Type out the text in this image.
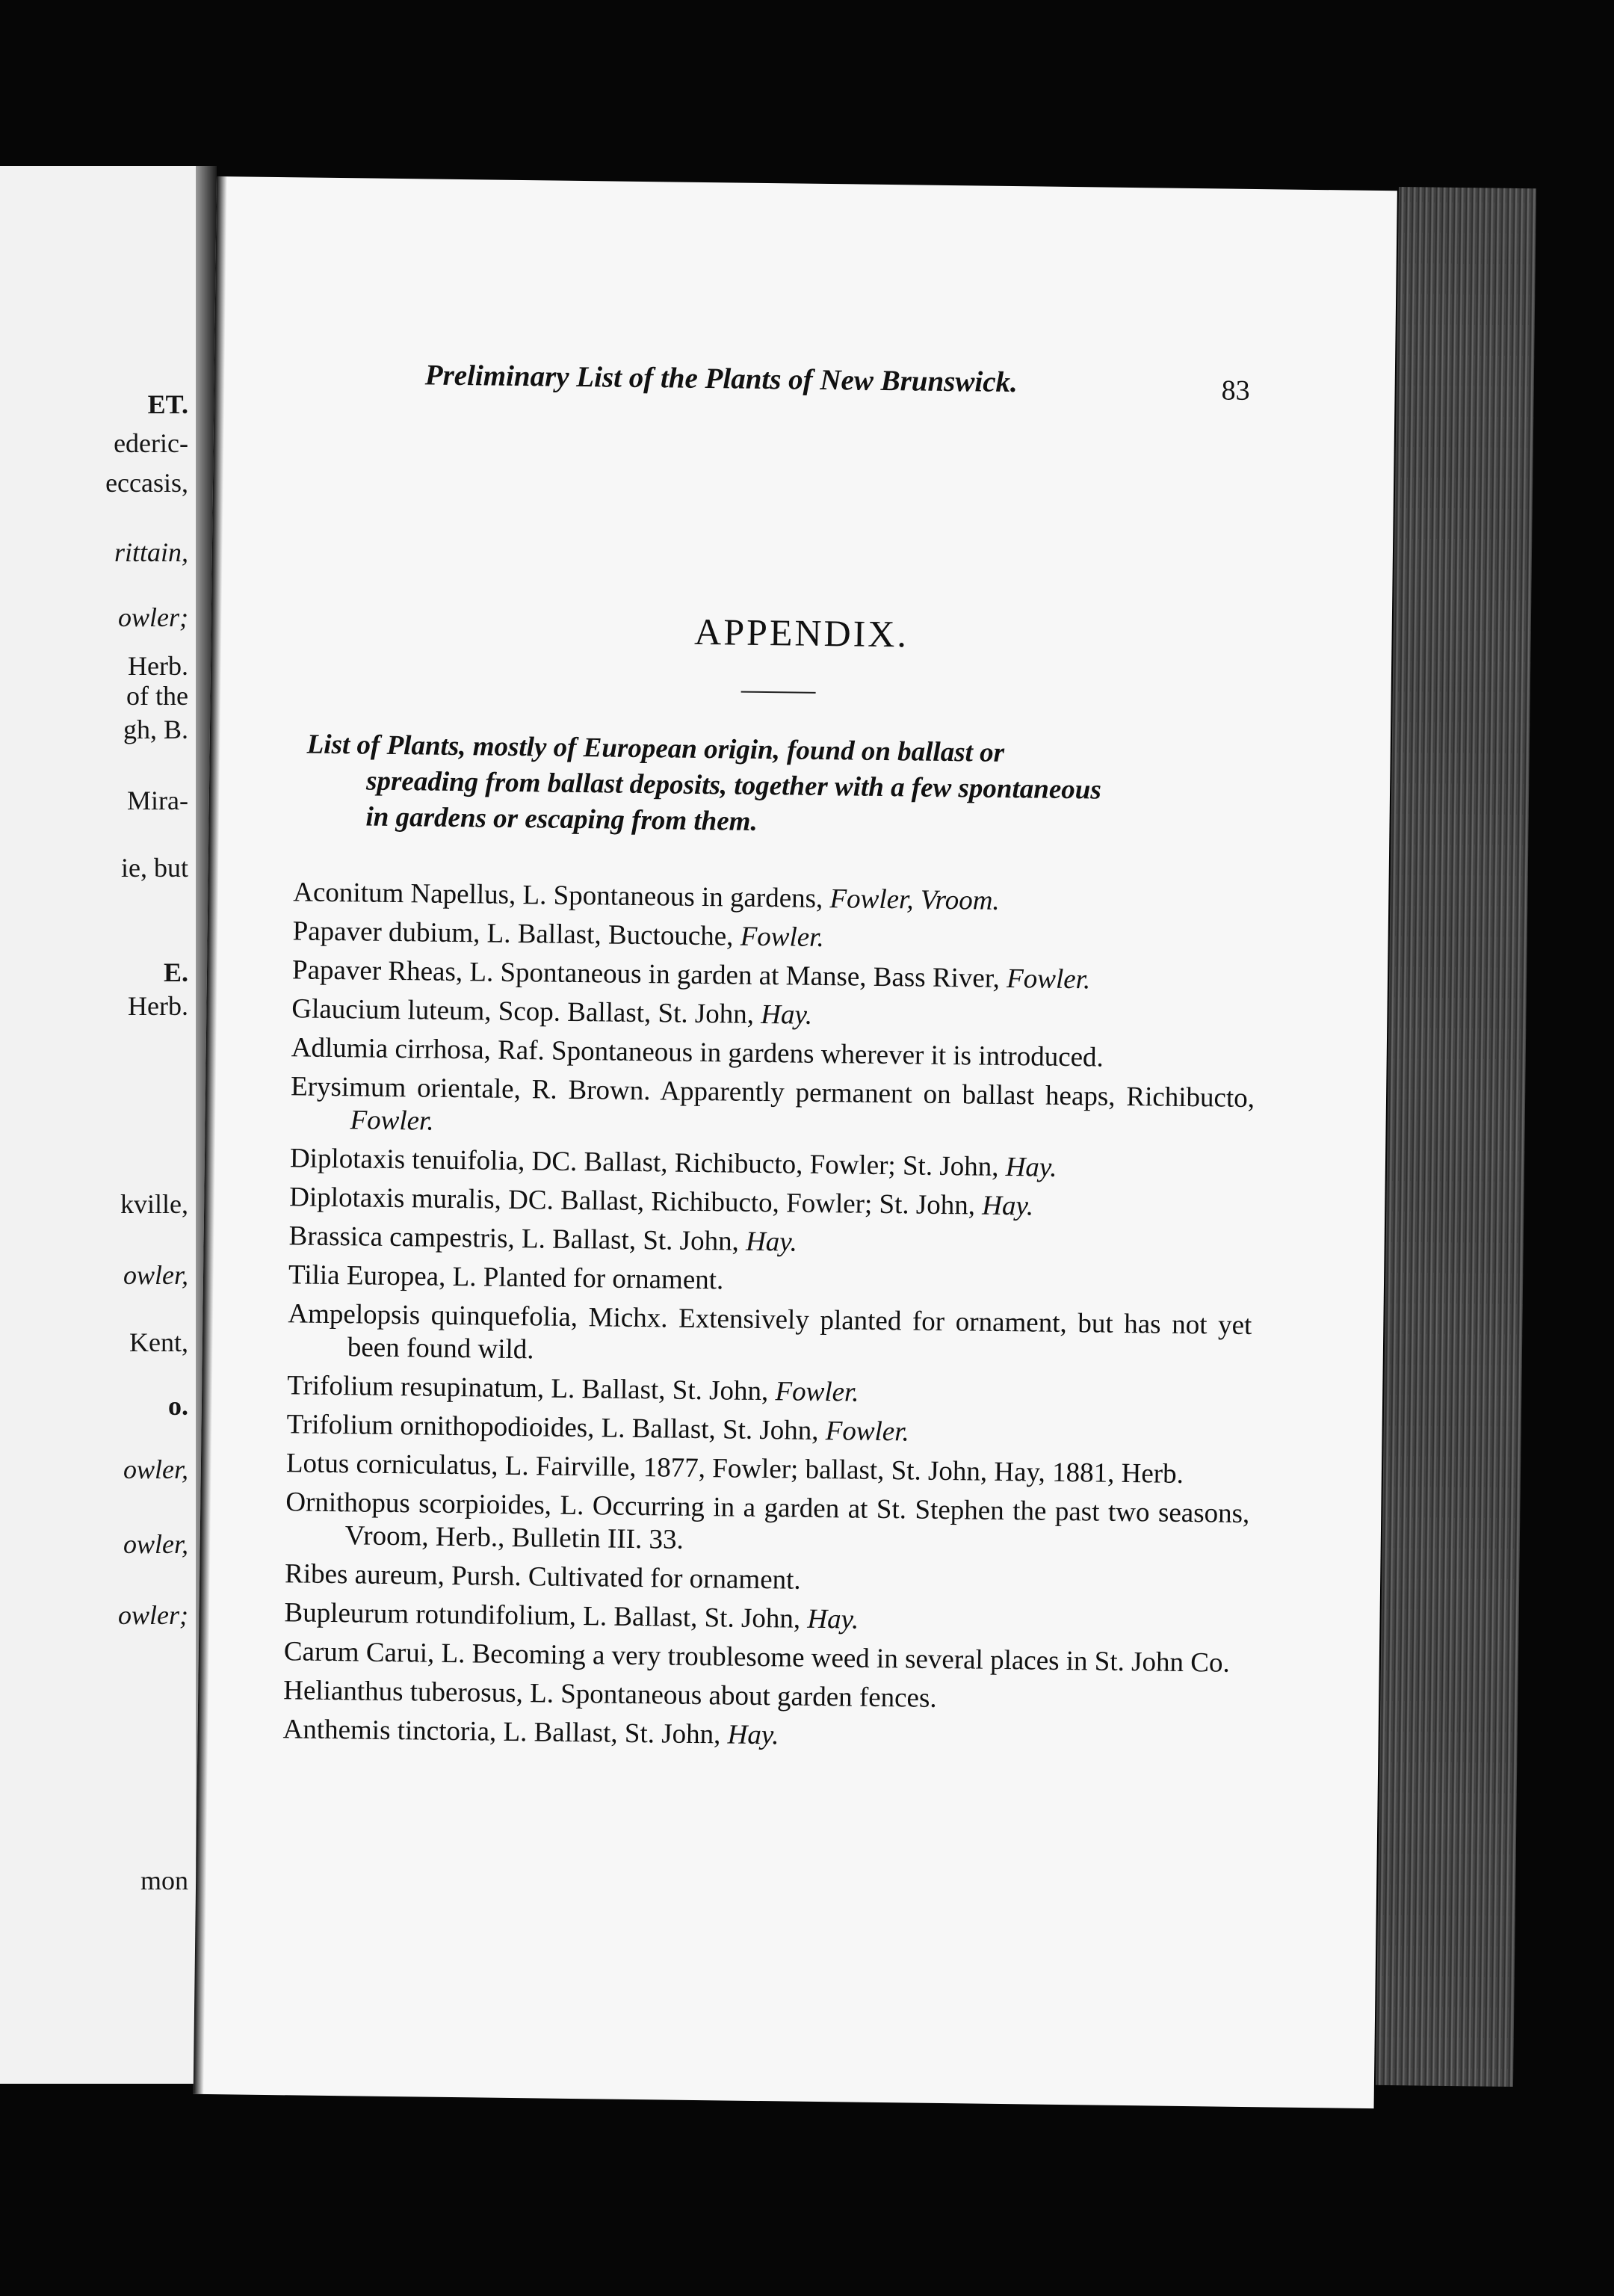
ET.
ederic-
eccasis,
rittain,
owler;
Herb.
of the
gh, B.
Mira-
ie, but
E.
Herb.
kville,
owler,
Kent,
o.
owler,
owler,
owler;
mon
Preliminary List of the Plants of New Brunswick.	83
APPENDIX.
List of Plants, mostly of European origin, found on ballast or
spreading from ballast deposits, together with a few spontaneous
in gardens or escaping from them.

Aconitum Napellus, L. Spontaneous in gardens, Fowler, Vroom.

Papaver dubium, L. Ballast, Buctouche, Fowler.

Papaver Rheas, L. Spontaneous in garden at Manse, Bass River, Fowler.

Glaucium luteum, Scop. Ballast, St. John, Hay.

Adlumia cirrhosa, Raf. Spontaneous in gardens wherever it is introduced.

Erysimum orientale, R. Brown. Apparently permanent on ballast heaps, Richibucto, Fowler.

Diplotaxis tenuifolia, DC. Ballast, Richibucto, Fowler; St. John, Hay.

Diplotaxis muralis, DC. Ballast, Richibucto, Fowler; St. John, Hay.

Brassica campestris, L. Ballast, St. John, Hay.

Tilia Europea, L. Planted for ornament.

Ampelopsis quinquefolia, Michx. Extensively planted for ornament, but has not yet been found wild.

Trifolium resupinatum, L. Ballast, St. John, Fowler.

Trifolium ornithopodioides, L. Ballast, St. John, Fowler.

Lotus corniculatus, L. Fairville, 1877, Fowler; ballast, St. John, Hay, 1881, Herb.

Ornithopus scorpioides, L. Occurring in a garden at St. Stephen the past two seasons, Vroom, Herb., Bulletin III. 33.

Ribes aureum, Pursh. Cultivated for ornament.

Bupleurum rotundifolium, L. Ballast, St. John, Hay.

Carum Carui, L. Becoming a very troublesome weed in several places in St. John Co.

Helianthus tuberosus, L. Spontaneous about garden fences.

Anthemis tinctoria, L. Ballast, St. John, Hay.
